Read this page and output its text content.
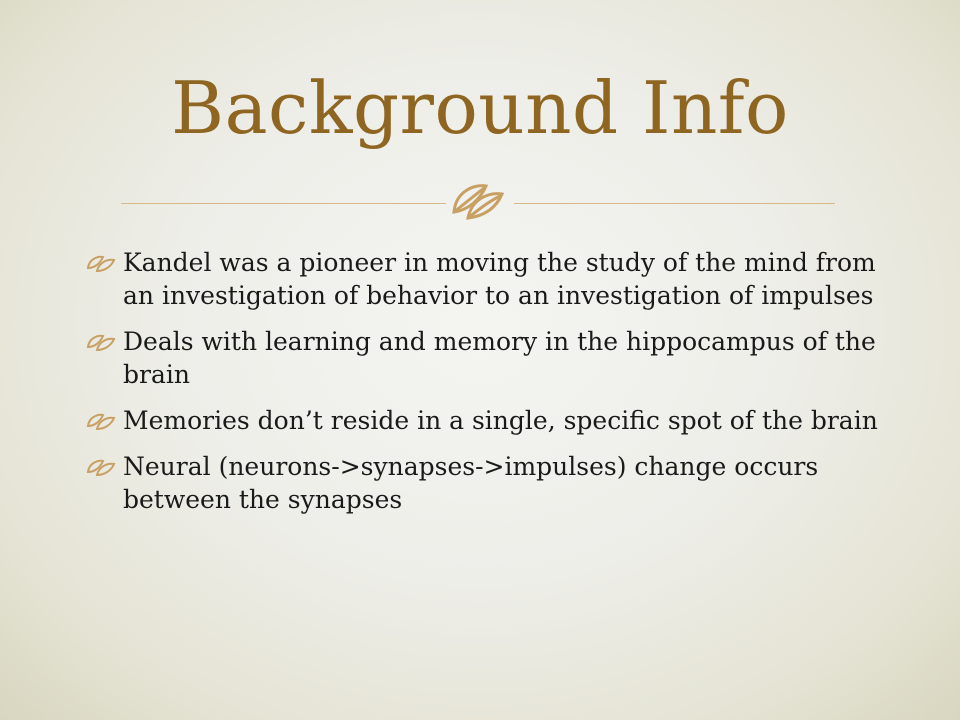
Background Info
Kandel was a pioneer in moving the study of the mind from an investigation of behavior to an investigation of impulses
Deals with learning and memory in the hippocampus of the brain
Memories don’t reside in a single, specific spot of the brain
Neural (neurons->synapses->impulses) change occurs between the synapses
